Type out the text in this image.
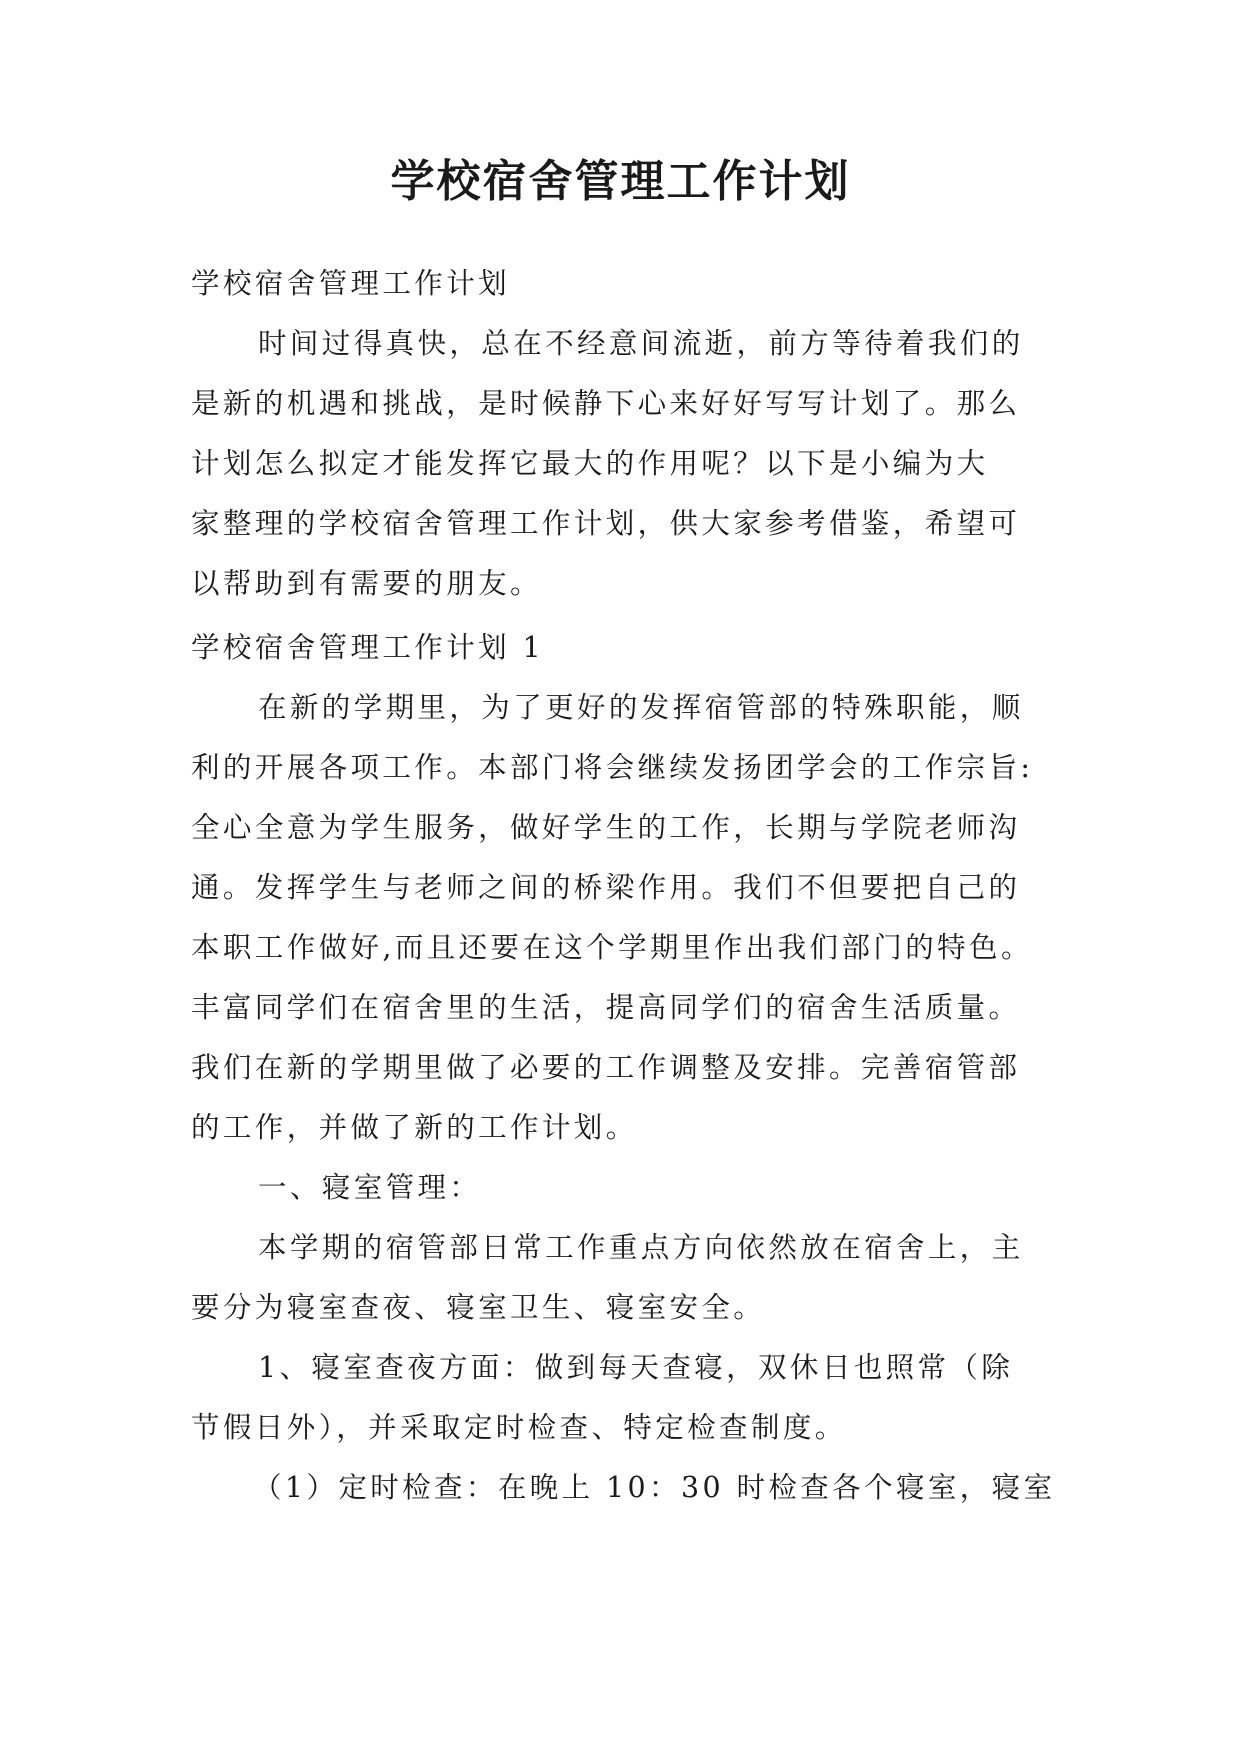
学校宿舍管理工作计划
学校宿舍管理工作计划
时间过得真快，总在不经意间流逝，前方等待着我们的
是新的机遇和挑战，是时候静下心来好好写写计划了。那么
计划怎么拟定才能发挥它最大的作用呢？以下是小编为大
家整理的学校宿舍管理工作计划，供大家参考借鉴，希望可
以帮助到有需要的朋友。
学校宿舍管理工作计划 1
在新的学期里，为了更好的发挥宿管部的特殊职能，顺
利的开展各项工作。本部门将会继续发扬团学会的工作宗旨:
全心全意为学生服务，做好学生的工作，长期与学院老师沟
通。发挥学生与老师之间的桥梁作用。我们不但要把自己的
本职工作做好,而且还要在这个学期里作出我们部门的特色。
丰富同学们在宿舍里的生活，提高同学们的宿舍生活质量。
我们在新的学期里做了必要的工作调整及安排。完善宿管部
的工作，并做了新的工作计划。
一、寝室管理：
本学期的宿管部日常工作重点方向依然放在宿舍上，主
要分为寝室查夜、寝室卫生、寝室安全。
1、寝室查夜方面：做到每天查寝，双休日也照常（除
节假日外），并采取定时检查、特定检查制度。
（1）定时检查：在晚上 10：30 时检查各个寝室，寝室
